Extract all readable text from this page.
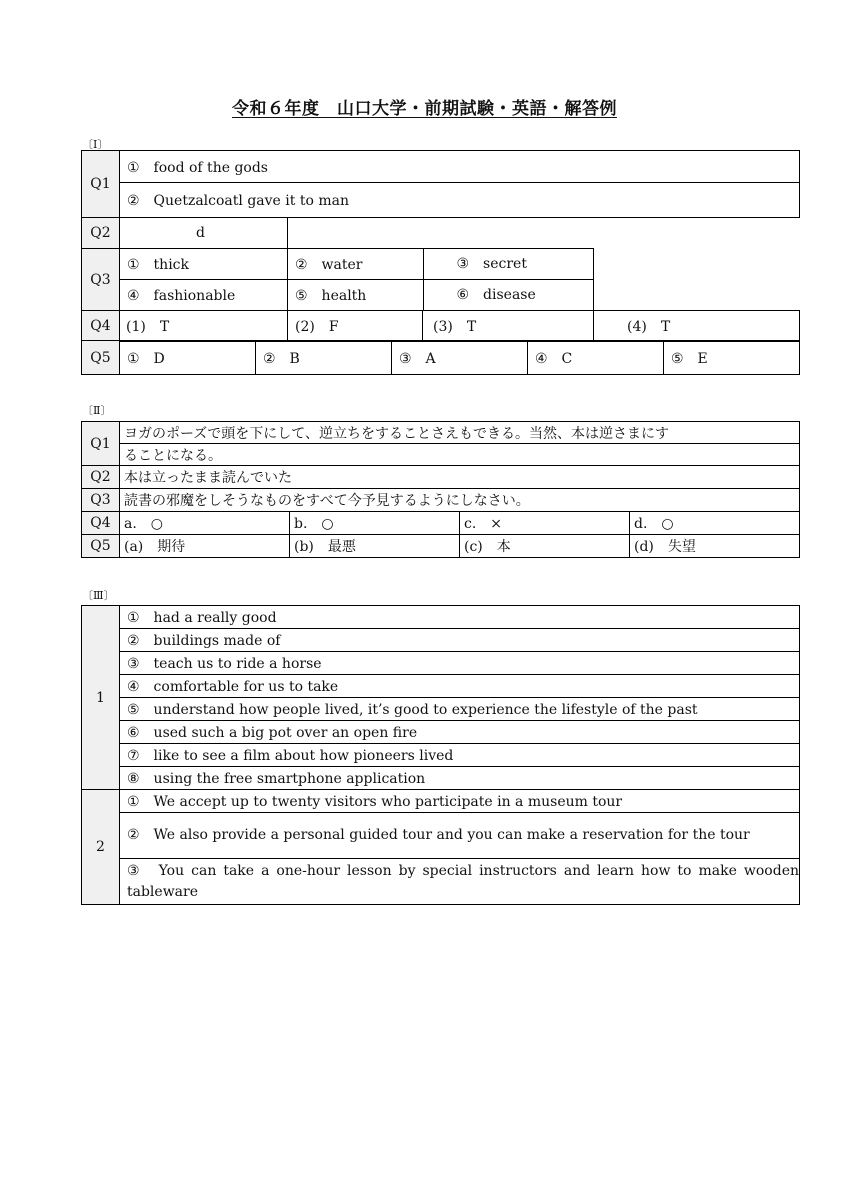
令和６年度　山口大学・前期試験・英語・解答例
〔Ⅰ〕
Q1	①　food of the gods			
	②　Quetzalcoatl gave it to man			
Q2	d			
Q3	①　thick	②　water	③　secret	
	④　fashionable	⑤　health	⑥　disease	
Q4	(1)　T	(2)　F	(3)　T	(4)　T
Q5	①　D	②　B	③　A	④　C	⑤　E
〔Ⅱ〕
Q1	ヨガのポーズで頭を下にして、逆立ちをすることさえもできる。当然、本は逆さまにす			
	ることになる。			
Q2	本は立ったまま読んでいた			
Q3	読書の邪魔をしそうなものをすべて今予見するようにしなさい。			
Q4	a.　○	b.　○	c.　×	d.　○
Q5	(a)　期待	(b)　最悪	(c)　本	(d)　失望
〔Ⅲ〕
1	①　had a really good
	②　buildings made of
	③　teach us to ride a horse
	④　comfortable for us to take
	⑤　understand how people lived, it’s good to experience the lifestyle of the past
	⑥　used such a big pot over an open fire
	⑦　like to see a film about how pioneers lived
	⑧　using the free smartphone application
2	①　We accept up to twenty visitors who participate in a museum tour
	②　We also provide a personal guided tour and you can make a reservation for the tour
	③　You can take a one-hour lesson by special instructors and learn how to make wooden tableware
